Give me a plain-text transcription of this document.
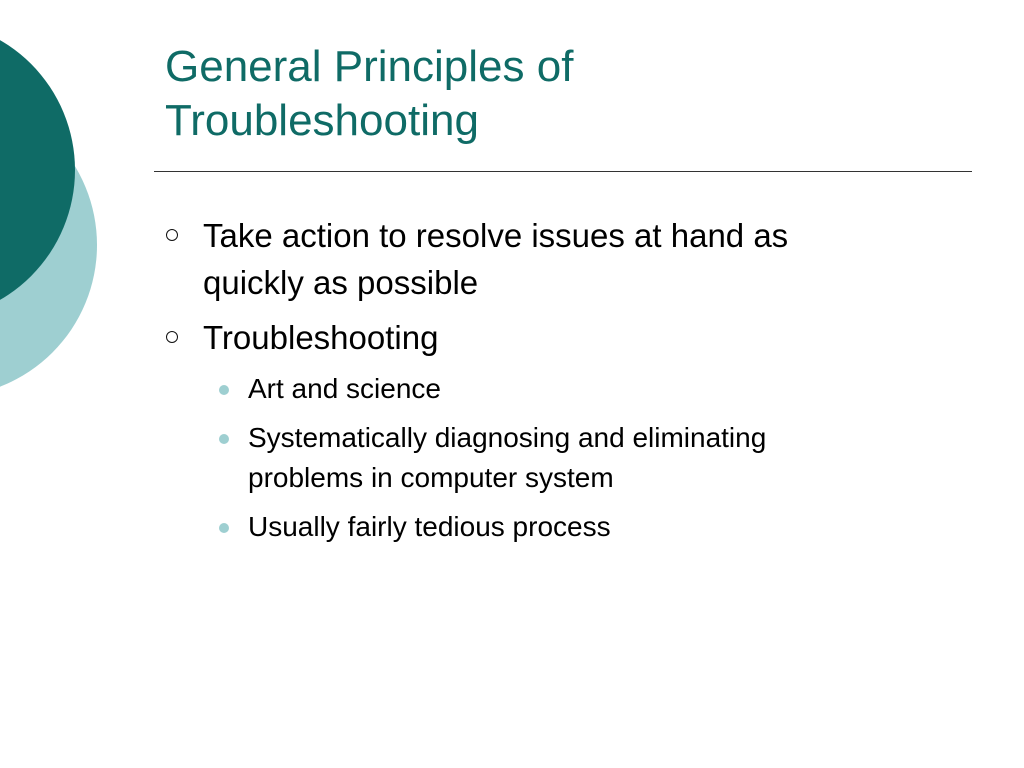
General Principles of
Troubleshooting
Take action to resolve issues at hand as
quickly as possible
Troubleshooting
Art and science
Systematically diagnosing and eliminating
problems in computer system
Usually fairly tedious process
